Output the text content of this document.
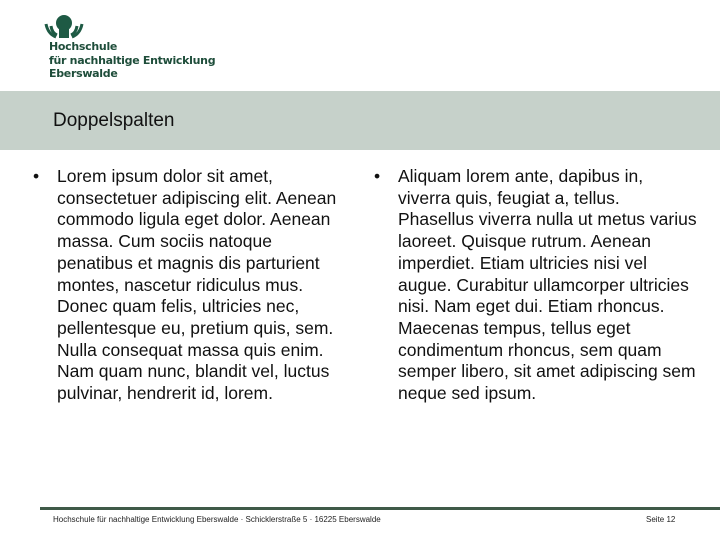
Hochschule
für nachhaltige Entwicklung
Eberswalde
Doppelspalten
• Lorem ipsum dolor sit amet, consectetuer adipiscing elit. Aenean commodo ligula eget dolor. Aenean massa. Cum sociis natoque penatibus et magnis dis parturient montes, nascetur ridiculus mus. Donec quam felis, ultricies nec, pellentesque eu, pretium quis, sem. Nulla consequat massa quis enim. Nam quam nunc, blandit vel, luctus pulvinar, hendrerit id, lorem.
• Aliquam lorem ante, dapibus in, viverra quis, feugiat a, tellus. Phasellus viverra nulla ut metus varius laoreet. Quisque rutrum. Aenean imperdiet. Etiam ultricies nisi vel augue. Curabitur ullamcorper ultricies nisi. Nam eget dui. Etiam rhoncus. Maecenas tempus, tellus eget condimentum rhoncus, sem quam semper libero, sit amet adipiscing sem neque sed ipsum.
Hochschule für nachhaltige Entwicklung Eberswalde · Schicklerstraße 5 · 16225 Eberswalde	Seite 12
